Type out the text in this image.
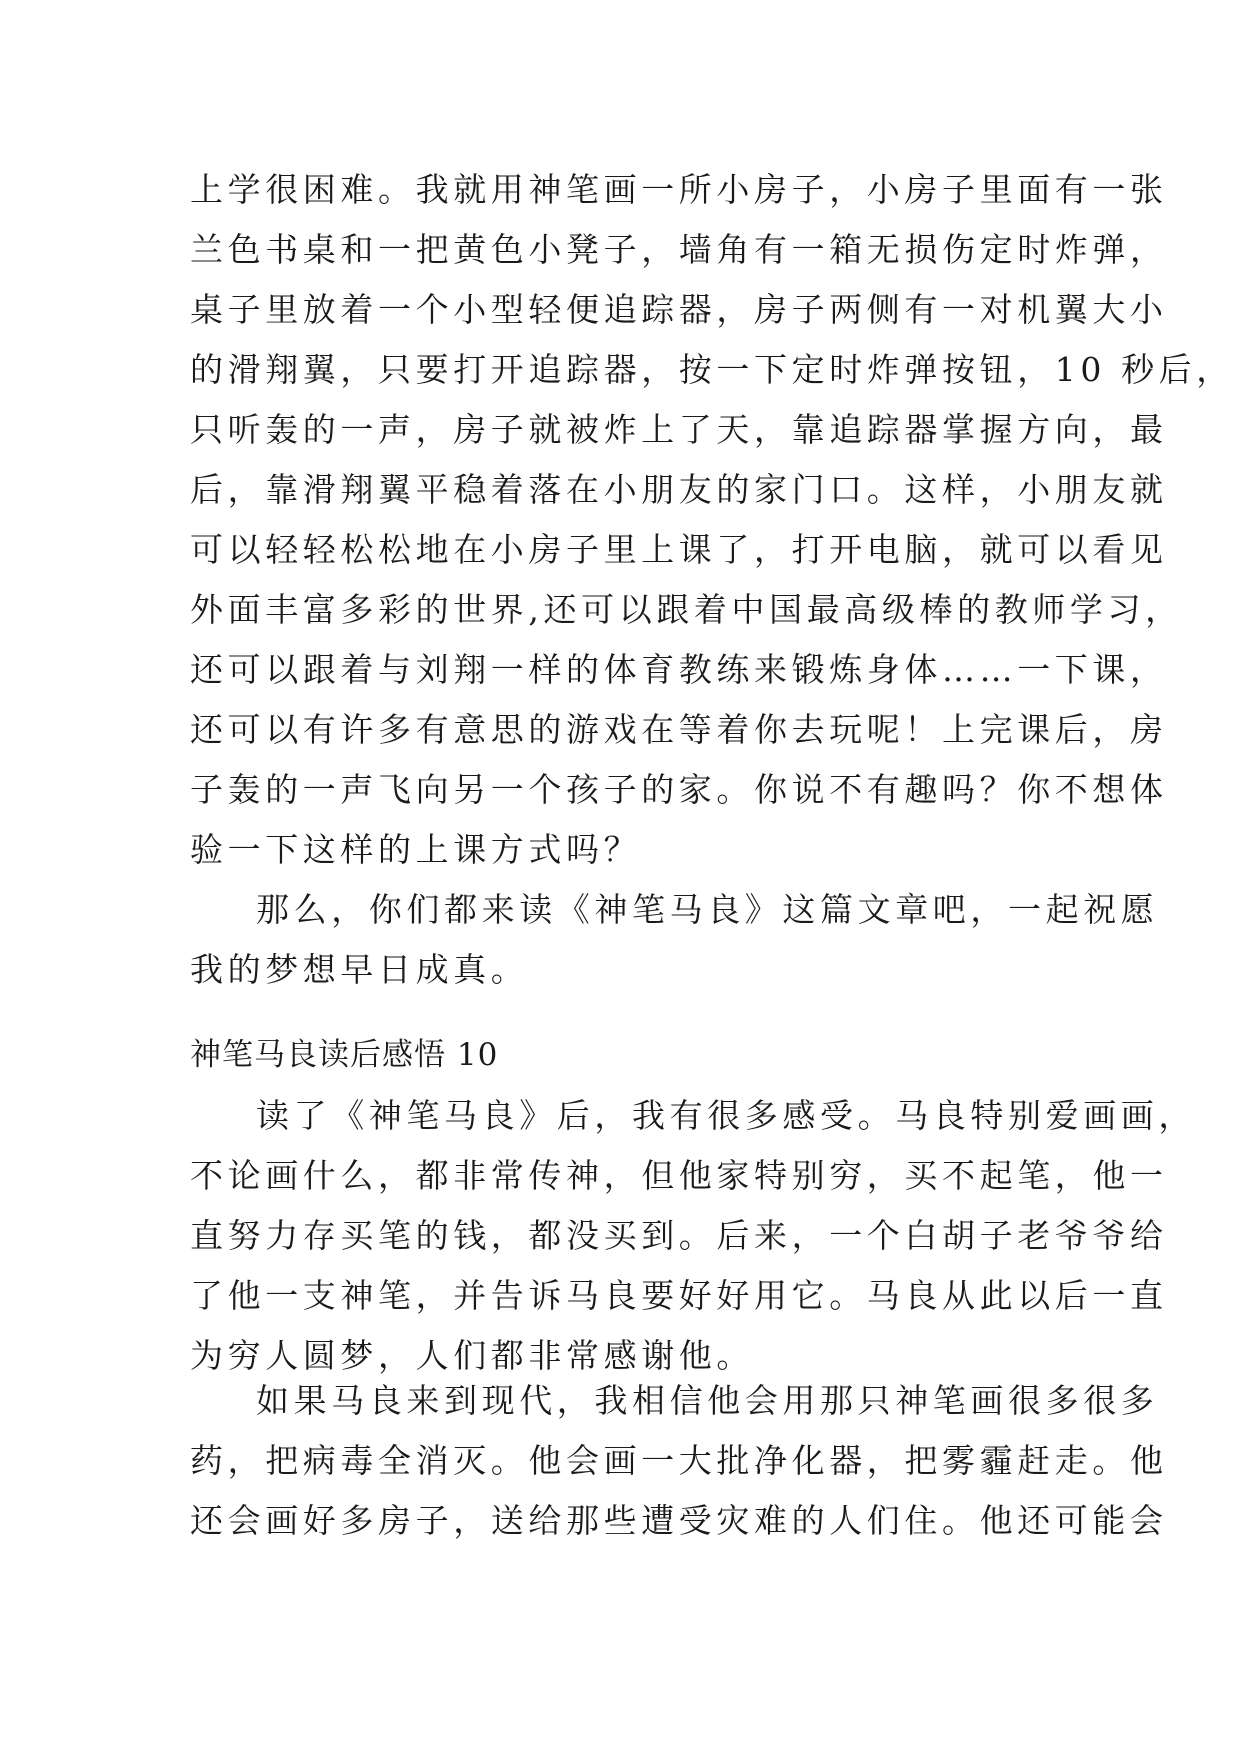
上学很困难。我就用神笔画一所小房子，小房子里面有一张
兰色书桌和一把黄色小凳子，墙角有一箱无损伤定时炸弹，
桌子里放着一个小型轻便追踪器，房子两侧有一对机翼大小
的滑翔翼，只要打开追踪器，按一下定时炸弹按钮，10 秒后，
只听轰的一声，房子就被炸上了天，靠追踪器掌握方向，最
后，靠滑翔翼平稳着落在小朋友的家门口。这样，小朋友就
可以轻轻松松地在小房子里上课了，打开电脑，就可以看见
外面丰富多彩的世界,还可以跟着中国最高级棒的教师学习，
还可以跟着与刘翔一样的体育教练来锻炼身体……一下课，
还可以有许多有意思的游戏在等着你去玩呢！上完课后，房
子轰的一声飞向另一个孩子的家。你说不有趣吗？你不想体
验一下这样的上课方式吗？
那么，你们都来读《神笔马良》这篇文章吧，一起祝愿
我的梦想早日成真。
神笔马良读后感悟 10
读了《神笔马良》后，我有很多感受。马良特别爱画画，
不论画什么，都非常传神，但他家特别穷，买不起笔，他一
直努力存买笔的钱，都没买到。后来，一个白胡子老爷爷给
了他一支神笔，并告诉马良要好好用它。马良从此以后一直
为穷人圆梦，人们都非常感谢他。
如果马良来到现代，我相信他会用那只神笔画很多很多
药，把病毒全消灭。他会画一大批净化器，把雾霾赶走。他
还会画好多房子，送给那些遭受灾难的人们住。他还可能会
